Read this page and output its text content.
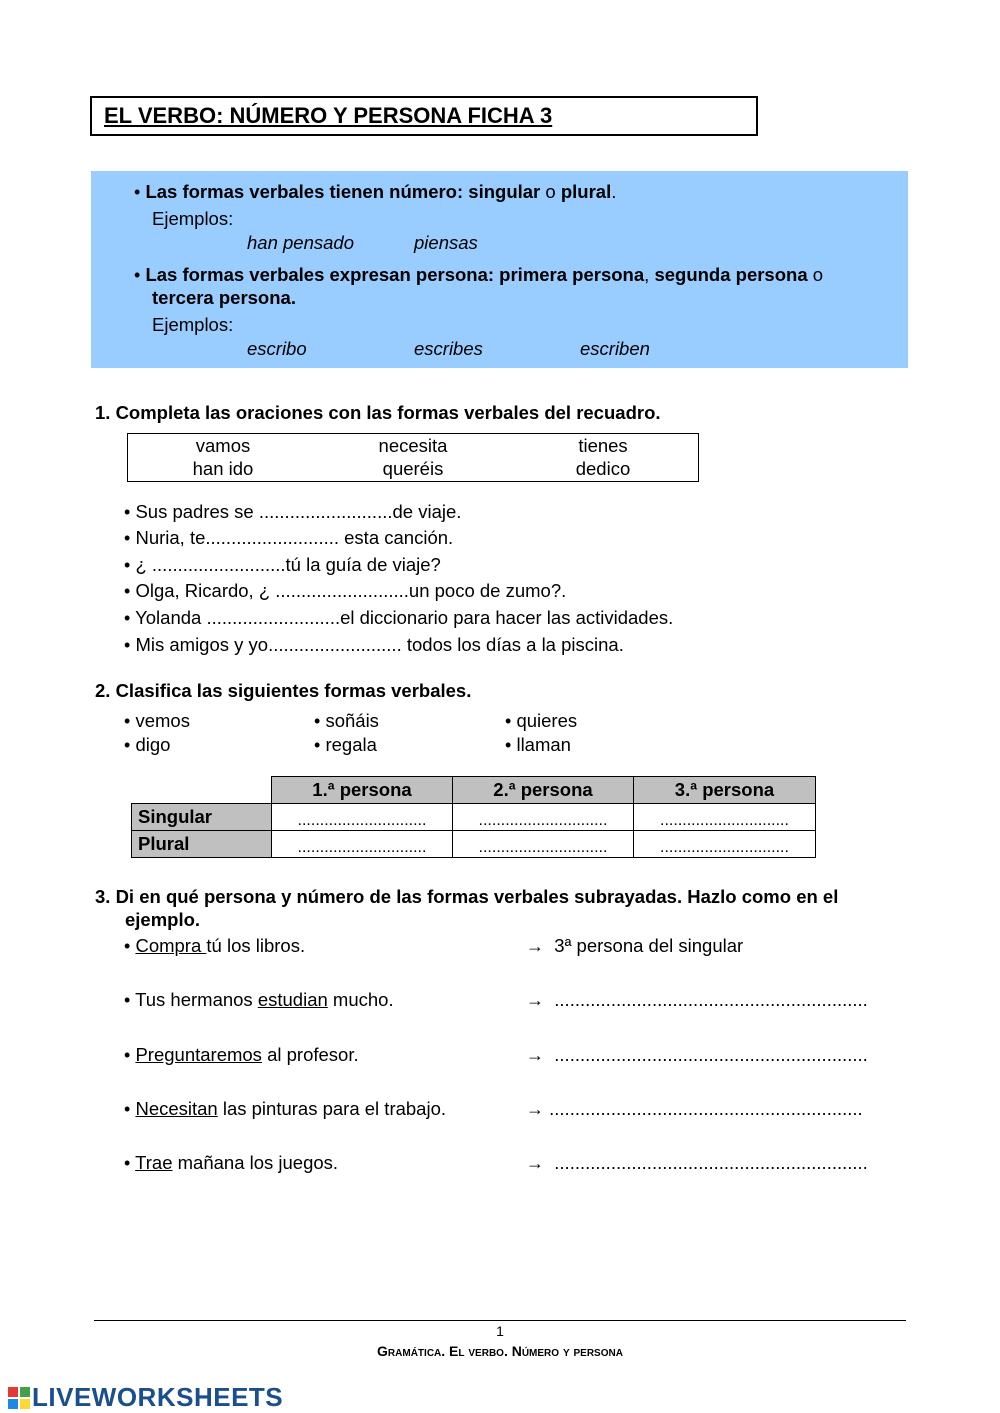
EL VERBO: NÚMERO Y PERSONA FICHA 3
• Las formas verbales tienen número: singular o plural.
Ejemplos:
han pensado	piensas
• Las formas verbales expresan persona: primera persona, segunda persona o
tercera persona.
Ejemplos:
escribo	escribes	escriben
1. Completa las oraciones con las formas verbales del recuadro.
vamos	necesita	tienes
han ido	queréis	dedico
• Sus padres se ..........................de viaje.
• Nuria, te.......................... esta canción.
• ¿ ..........................tú la guía de viaje?
• Olga, Ricardo, ¿ ..........................un poco de zumo?.
• Yolanda ..........................el diccionario para hacer las actividades.
• Mis amigos y yo.......................... todos los días a la piscina.
2. Clasifica las siguientes formas verbales.
• vemos	• soñáis	• quieres
• digo	• regala	• llaman
	1.ª persona	2.ª persona	3.ª persona
Singular	.............................	.............................	.............................
Plural	.............................	.............................	.............................
3. Di en qué persona y número de las formas verbales subrayadas. Hazlo como en el
ejemplo.
• Compra tú los libros.	→ 3ª persona del singular
• Tus hermanos estudian mucho.	→ .............................................................
• Preguntaremos al profesor.	→ .............................................................
• Necesitan las pinturas para el trabajo.	→ .............................................................
• Trae mañana los juegos.	→ .............................................................
1
Gramática. El verbo. Número y persona
LIVEWORKSHEETS
